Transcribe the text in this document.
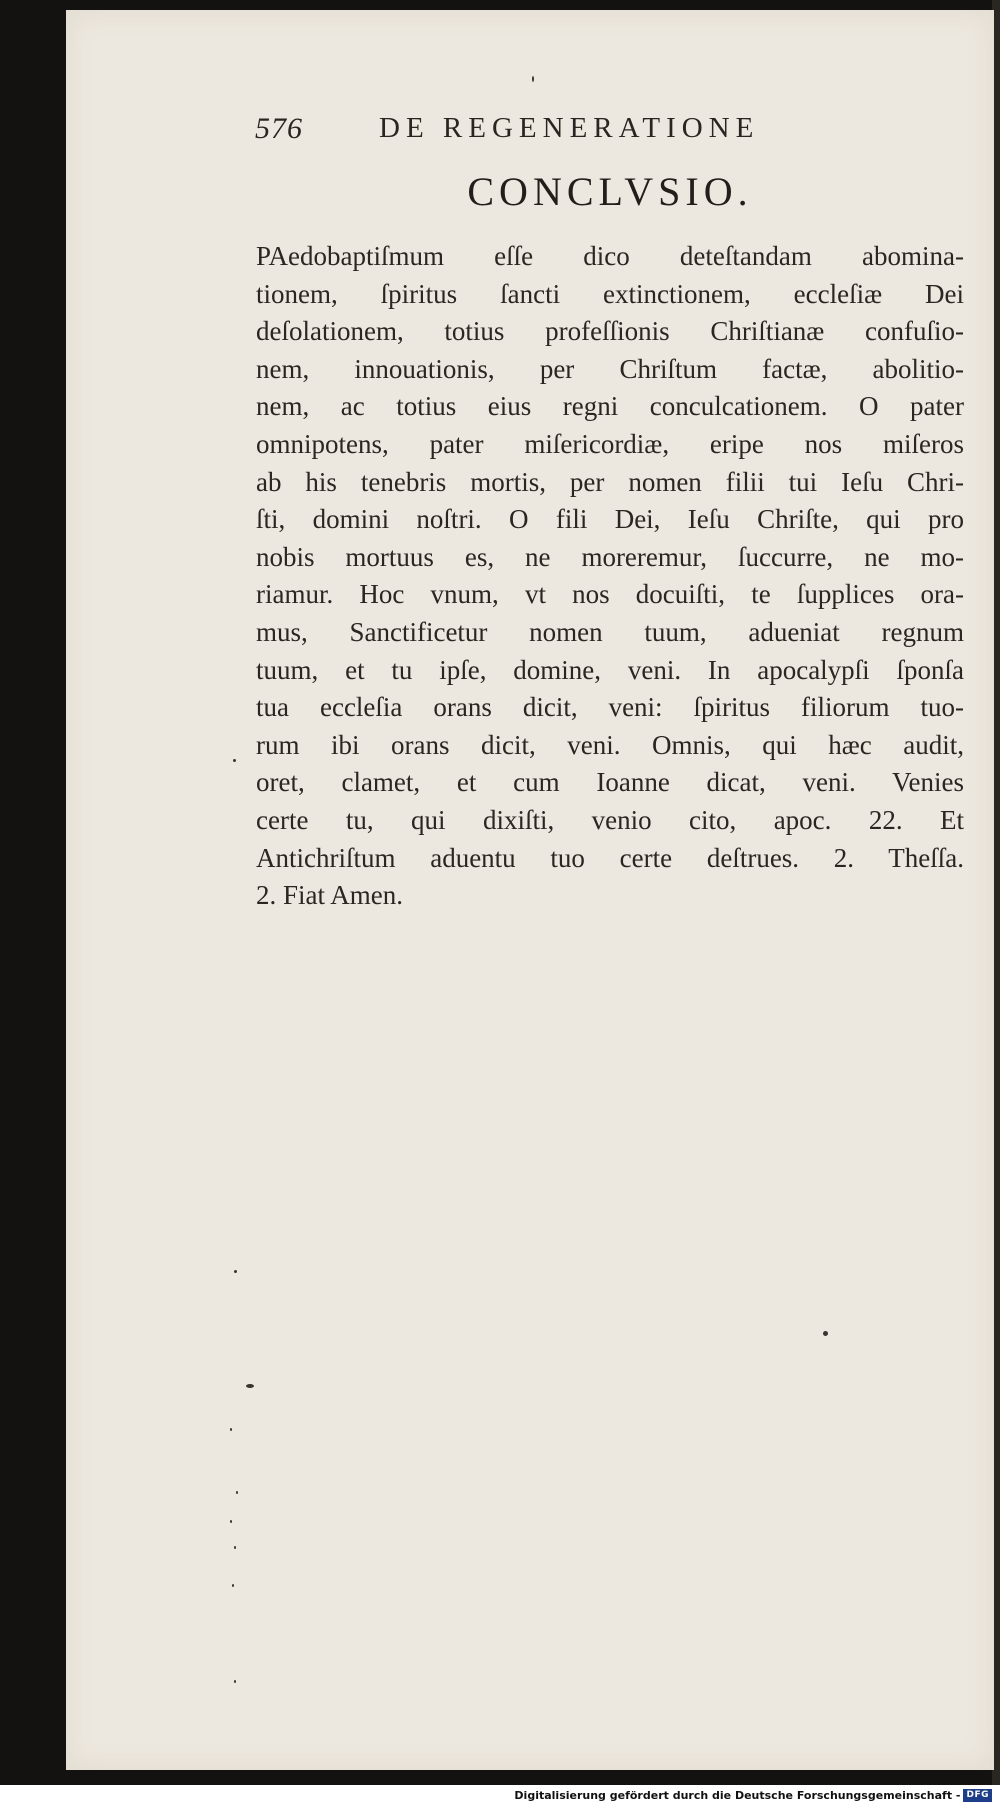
576	DE REGENERATIONE
CONCLVSIO.
PAedobaptiſmum eſſe dico deteſtandam abomina-
tionem, ſpiritus ſancti extinctionem, eccleſiæ Dei
deſolationem, totius profeſſionis Chriſtianæ confuſio-
nem, innouationis, per Chriſtum factæ, abolitio-
nem, ac totius eius regni conculcationem. O pater
omnipotens, pater miſericordiæ, eripe nos miſeros
ab his tenebris mortis, per nomen filii tui Ieſu Chri-
ſti, domini noſtri. O fili Dei, Ieſu Chriſte, qui pro
nobis mortuus es, ne moreremur, ſuccurre, ne mo-
riamur. Hoc vnum, vt nos docuiſti, te ſupplices ora-
mus, Sanctificetur nomen tuum, adueniat regnum
tuum, et tu ipſe, domine, veni. In apocalypſi ſponſa
tua eccleſia orans dicit, veni: ſpiritus filiorum tuo-
rum ibi orans dicit, veni. Omnis, qui hæc audit,
oret, clamet, et cum Ioanne dicat, veni. Venies
certe tu, qui dixiſti, venio cito, apoc. 22. Et
Antichriſtum aduentu tuo certe deſtrues. 2. Theſſa.
2. Fiat Amen.
Digitalisierung gefördert durch die Deutsche Forschungsgemeinschaft - DFG
